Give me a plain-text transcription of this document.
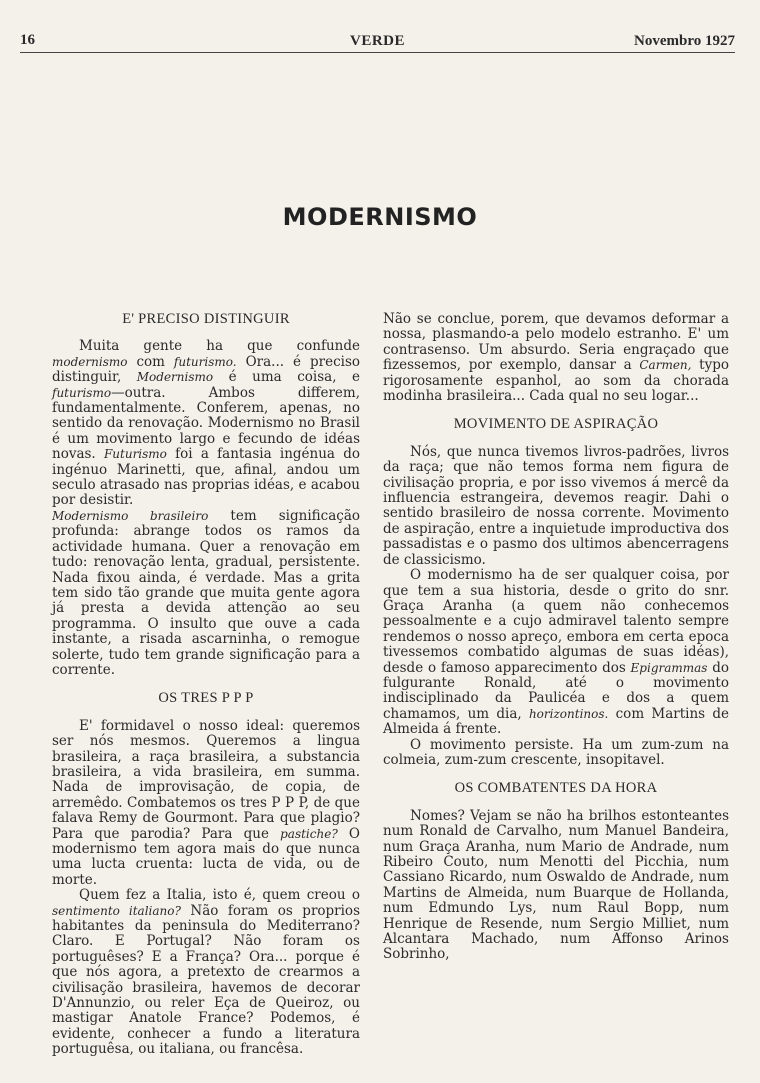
16	VERDE	Novembro 1927
MODERNISMO
E' PRECISO DISTINGUIR

Muita gente ha que confunde modernismo com futurismo. Ora... é preciso distinguir, Modernismo é uma coisa, e futurismo—outra. Ambos differem, fundamentalmente. Conferem, apenas, no sentido da renovação. Modernismo no Brasil é um movimento largo e fecundo de idéas novas. Futurismo foi a fantasia ingénua do ingénuo Marinetti, que, afinal, andou um seculo atrasado nas proprias idéas, e acabou por desistir.

Modernismo brasileiro tem significação profunda: abrange todos os ramos da actividade humana. Quer a renovação em tudo: renovação lenta, gradual, persistente. Nada fixou ainda, é verdade. Mas a grita tem sido tão grande que muita gente agora já presta a devida attenção ao seu programma. O insulto que ouve a cada instante, a risada ascarninha, o remogue solerte, tudo tem grande significação para a corrente.

OS TRES P P P

E' formidavel o nosso ideal: queremos ser nós mesmos. Queremos a lingua brasileira, a raça brasileira, a substancia brasileira, a vida brasileira, em summa. Nada de improvisação, de copia, de arremêdo. Combatemos os tres P P P, de que falava Remy de Gourmont. Para que plagio? Para que parodia? Para que pastiche? O modernismo tem agora mais do que nunca uma lucta cruenta: lucta de vida, ou de morte.

Quem fez a Italia, isto é, quem creou o sentimento italiano? Não foram os proprios habitantes da peninsula do Mediterrano? Claro. E Portugal? Não foram os portuguêses? E a França? Ora... porque é que nós agora, a pretexto de crearmos a civilisação brasileira, havemos de decorar D'Annunzio, ou reler Eça de Queiroz, ou mastigar Anatole France? Podemos, é evidente, conhecer a fundo a literatura portuguêsa, ou italiana, ou francêsa.

Não se conclue, porem, que devamos deformar a nossa, plasmando-a pelo modelo estranho. E' um contrasenso. Um absurdo. Seria engraçado que fizessemos, por exemplo, dansar a Carmen, typo rigorosamente espanhol, ao som da chorada modinha brasileira... Cada qual no seu logar...

MOVIMENTO DE ASPIRAÇÃO

Nós, que nunca tivemos livros-padrões, livros da raça; que não temos forma nem figura de civilisação propria, e por isso vivemos á mercê da influencia estrangeira, devemos reagir. Dahi o sentido brasileiro de nossa corrente. Movimento de aspiração, entre a inquietude improductiva dos passadistas e o pasmo dos ultimos abencerragens de classicismo.

O modernismo ha de ser qualquer coisa, por que tem a sua historia, desde o grito do snr. Graça Aranha (a quem não conhecemos pessoalmente e a cujo admiravel talento sempre rendemos o nosso apreço, embora em certa epoca tivessemos combatido algumas de suas idéas), desde o famoso apparecimento dos Epigrammas do fulgurante Ronald, até o movimento indisciplinado da Paulicéa e dos a quem chamamos, um dia, horizontinos. com Martins de Almeida á frente.

O movimento persiste. Ha um zum-zum na colmeia, zum-zum crescente, insopitavel.

OS COMBATENTES DA HORA

Nomes? Vejam se não ha brilhos estonteantes num Ronald de Carvalho, num Manuel Bandeira, num Graça Aranha, num Mario de Andrade, num Ribeiro Couto, num Menotti del Picchia, num Cassiano Ricardo, num Oswaldo de Andrade, num Martins de Almeida, num Buarque de Hollanda, num Edmundo Lys, num Raul Bopp, num Henrique de Resende, num Sergio Milliet, num Alcantara Machado, num Affonso Arinos Sobrinho,
